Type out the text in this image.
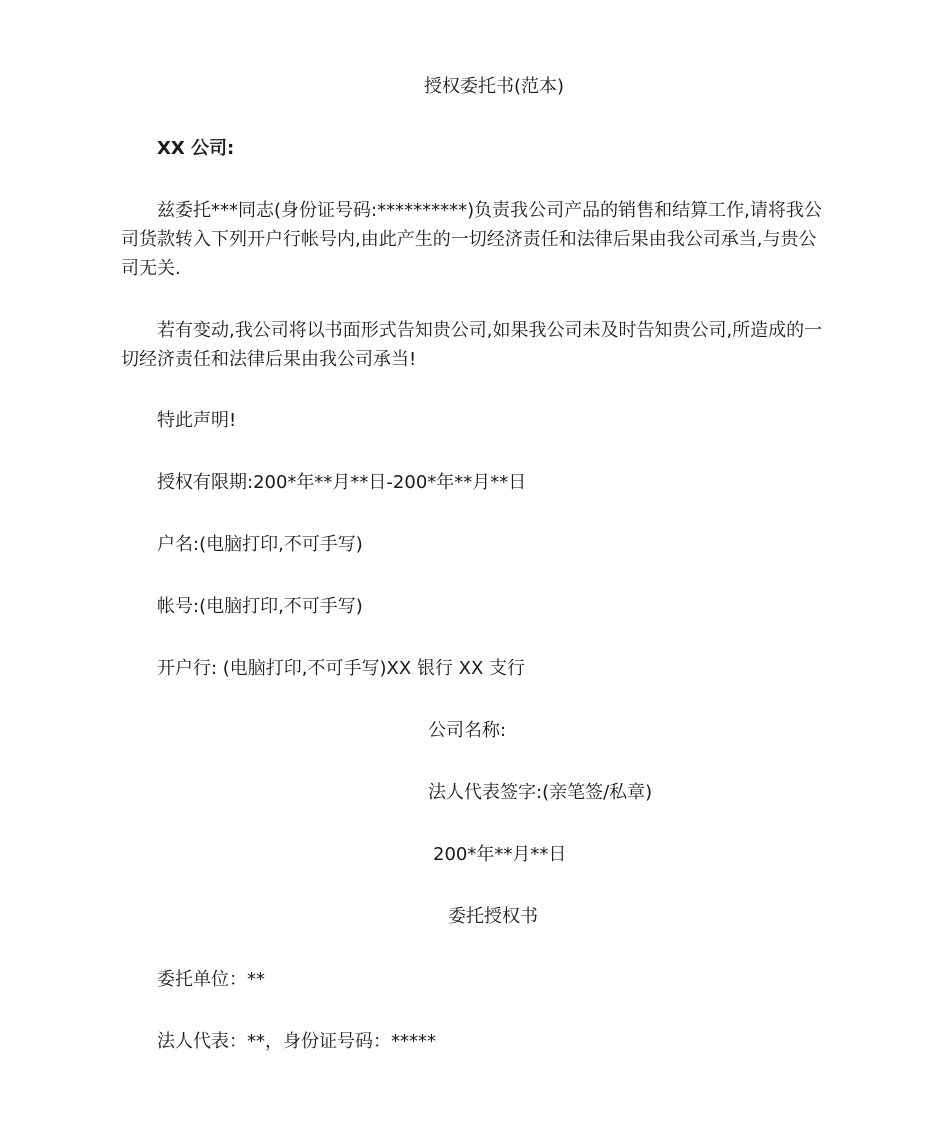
授权委托书(范本)
XX 公司:
兹委托***同志(身份证号码:**********)负责我公司产品的销售和结算工作,请将我公司货款转入下列开户行帐号内,由此产生的一切经济责任和法律后果由我公司承当,与贵公司无关.
若有变动,我公司将以书面形式告知贵公司,如果我公司未及时告知贵公司,所造成的一切经济责任和法律后果由我公司承当!
特此声明!
授权有限期:200*年**月**日-200*年**月**日
户名:(电脑打印,不可手写)
帐号:(电脑打印,不可手写)
开户行: (电脑打印,不可手写)XX 银行 XX 支行
公司名称:
法人代表签字:(亲笔签/私章)
200*年**月**日
委托授权书
委托单位：**
法人代表：**，身份证号码：*****
